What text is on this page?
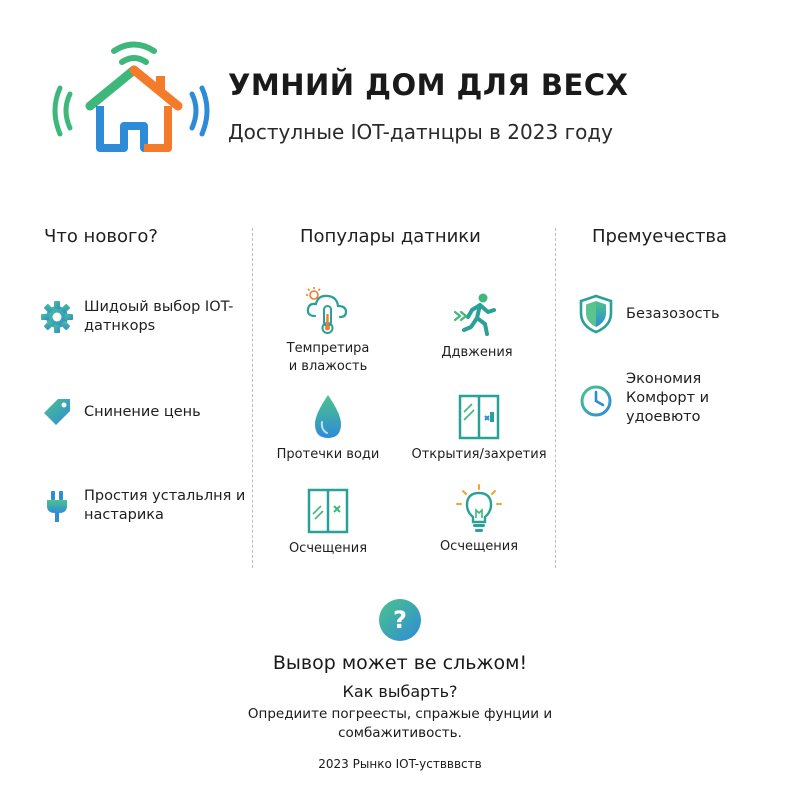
УМНИЙ ДОМ ДЛЯ ВЕСХ
Достулные IOT-датнцры в 2023 году
Что нового?	Популары датники	Премуечества
Шидоый выбор IOT-датнкорs
Снинение цень
Простия устальлня и настарика
Темпретира
и влажость
Ддвжения
Протечки води	Открытия/захретия
Осчещения	Осчещения
Безазозость
Экономия Комфорт и удоевюто
?
Вывор может ве сльжом!
Как выбарть?
Опредиите погреесты, спражые фунции и сомбажитивость.
2023 Рынко IOT-уствввств
